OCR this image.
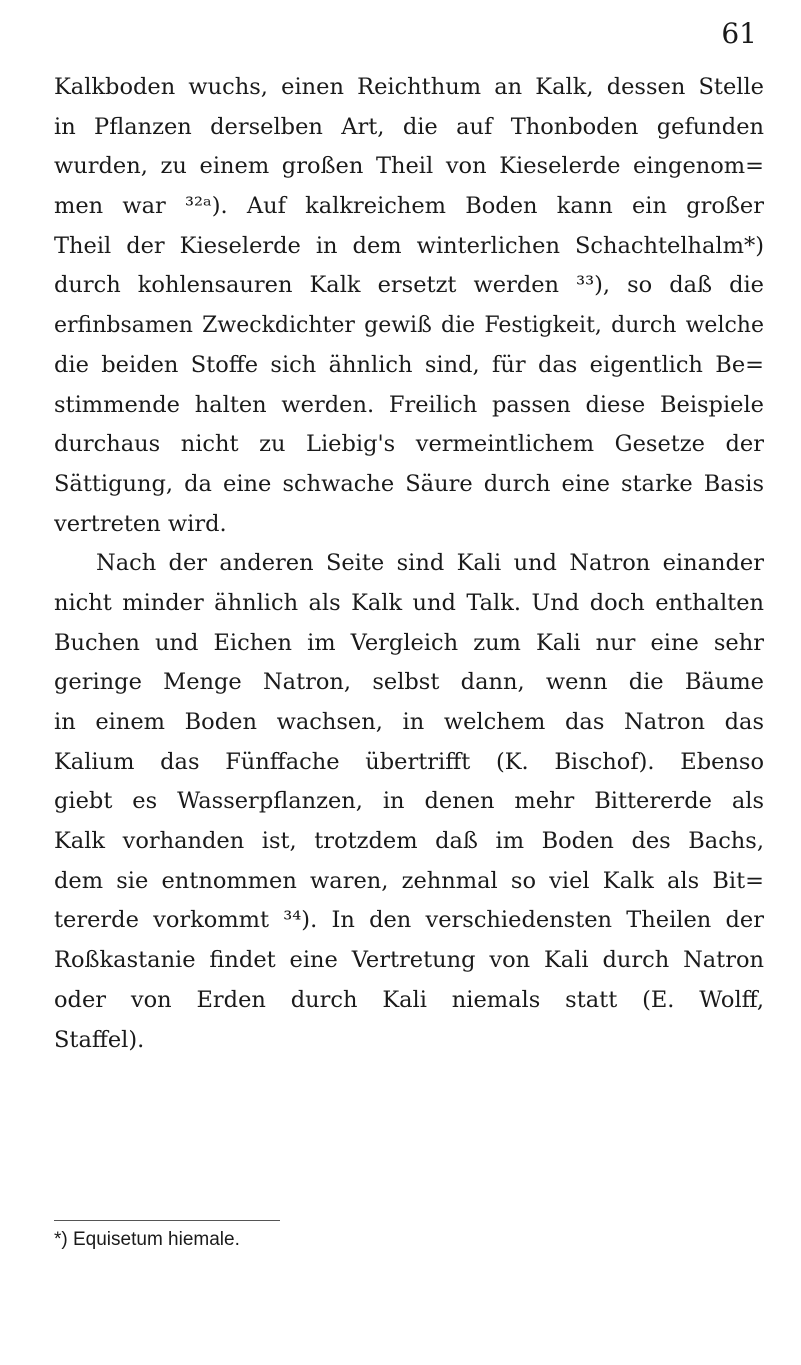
61
Kalkboden wuchs, einen Reichthum an Kalk, dessen Stelle
in Pflanzen derselben Art, die auf Thonboden gefunden
wurden, zu einem großen Theil von Kieselerde eingenom=
men war ³²ᵃ). Auf kalkreichem Boden kann ein großer
Theil der Kieselerde in dem winterlichen Schachtelhalm*)
durch kohlensauren Kalk ersetzt werden ³³), so daß die
erfinbsamen Zweckdichter gewiß die Festigkeit, durch welche
die beiden Stoffe sich ähnlich sind, für das eigentlich Be=
stimmende halten werden. Freilich passen diese Beispiele
durchaus nicht zu Liebig's vermeintlichem Gesetze der
Sättigung, da eine schwache Säure durch eine starke Basis
vertreten wird.
Nach der anderen Seite sind Kali und Natron einander
nicht minder ähnlich als Kalk und Talk. Und doch enthalten
Buchen und Eichen im Vergleich zum Kali nur eine sehr
geringe Menge Natron, selbst dann, wenn die Bäume
in einem Boden wachsen, in welchem das Natron das
Kalium das Fünffache übertrifft (K. Bischof). Ebenso
giebt es Wasserpflanzen, in denen mehr Bittererde als
Kalk vorhanden ist, trotzdem daß im Boden des Bachs,
dem sie entnommen waren, zehnmal so viel Kalk als Bit=
tererde vorkommt ³⁴). In den verschiedensten Theilen der
Roßkastanie findet eine Vertretung von Kali durch Natron
oder von Erden durch Kali niemals statt (E. Wolff,
Staffel).
*) Equisetum hiemale.
